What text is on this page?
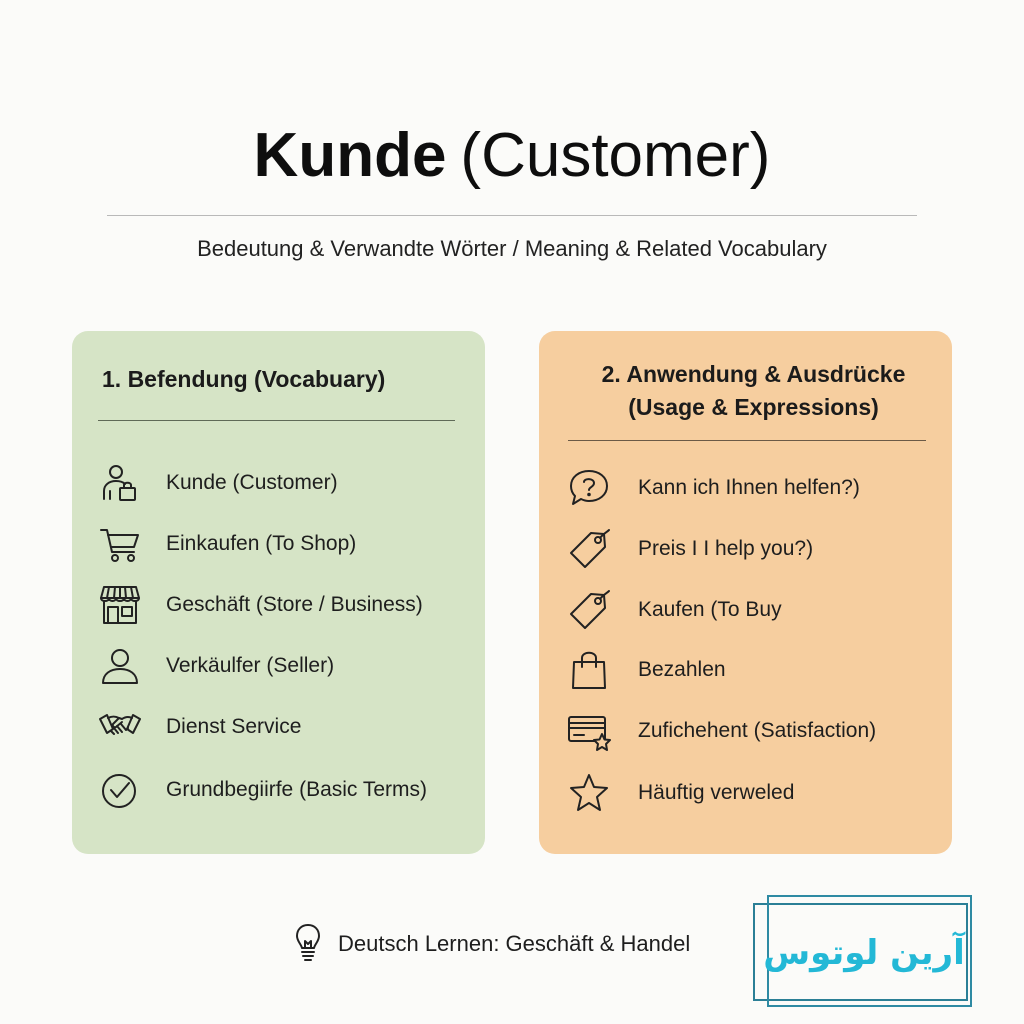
Kunde (Customer)
Bedeutung & Verwandte Wörter / Meaning & Related Vocabulary
1. Befendung (Vocabuary)
Kunde (Customer)
Einkaufen (To Shop)
Geschäft (Store / Business)
Verkäulfer (Seller)
Dienst Service
Grundbegiirfe (Basic Terms)
2. Anwendung & Ausdrücke
(Usage & Expressions)
Kann ich Ihnen helfen?)
Preis I I help you?)
Kaufen (To Buy
Bezahlen
Zufichehent (Satisfaction)
Häuftig verweled
Deutsch Lernen: Geschäft & Handel	آرین لوتوس
